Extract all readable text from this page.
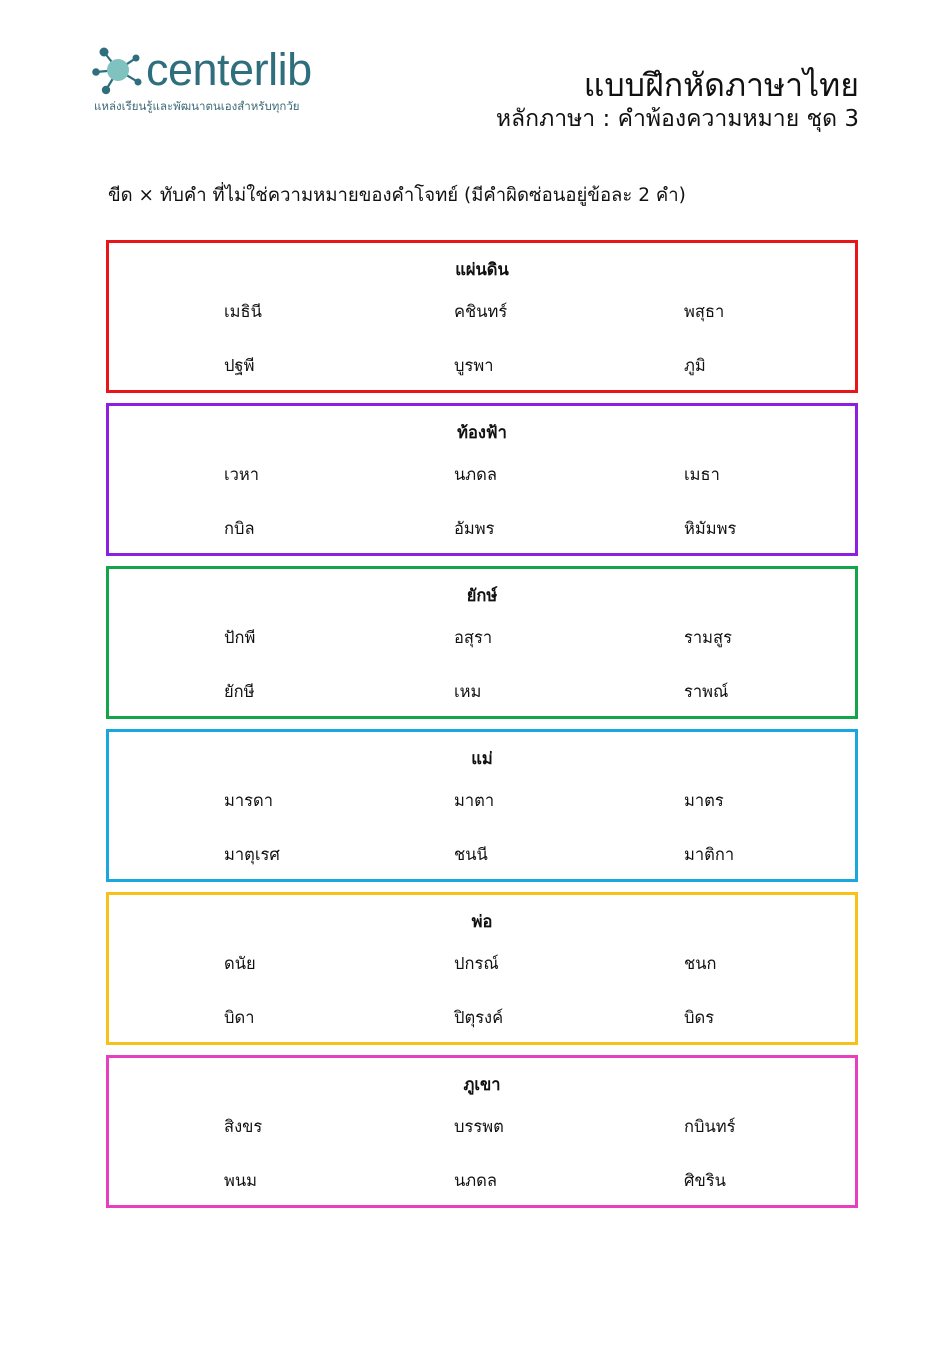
centerlib
แหล่งเรียนรู้และพัฒนาตนเองสำหรับทุกวัย
แบบฝึกหัดภาษาไทย
หลักภาษา : คำพ้องความหมาย ชุด 3
ขีด × ทับคำ ที่ไม่ใช่ความหมายของคำโจทย์ (มีคำผิดซ่อนอยู่ข้อละ 2 คำ)
แผ่นดิน
เมธินี	คชินทร์	พสุธา
ปฐพี	บูรพา	ภูมิ
ท้องฟ้า
เวหา	นภดล	เมธา
กบิล	อัมพร	หิมัมพร
ยักษ์
ปักพี	อสุรา	รามสูร
ยักษี	เหม	ราพณ์
แม่
มารดา	มาตา	มาตร
มาตุเรศ	ชนนี	มาติกา
พ่อ
ดนัย	ปกรณ์	ชนก
บิดา	ปิตุรงค์	บิดร
ภูเขา
สิงขร	บรรพต	กบินทร์
พนม	นภดล	ศิขริน
